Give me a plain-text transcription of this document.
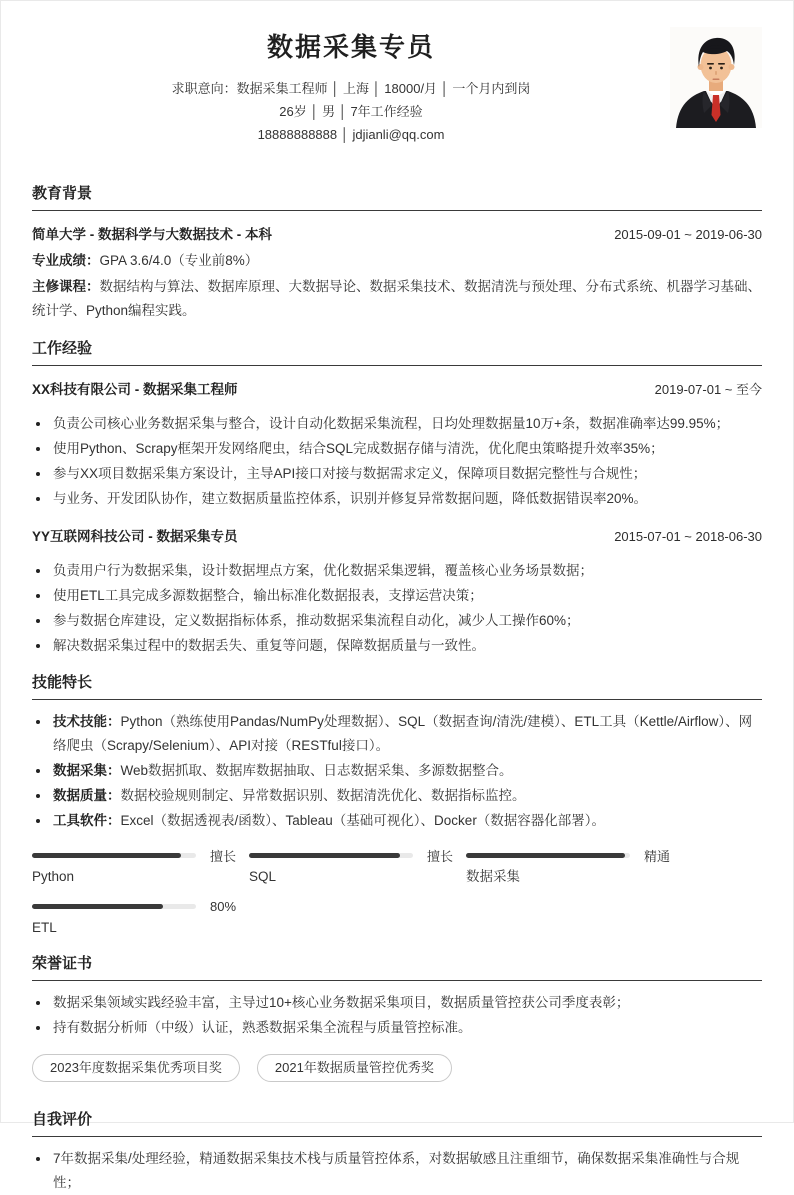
数据采集专员
求职意向：数据采集工程师 │ 上海 │ 18000/月 │ 一个月内到岗
26岁 │ 男 │ 7年工作经验
18888888888 │ jdjianli@qq.com
教育背景
简单大学 - 数据科学与大数据技术 - 本科	2015-09-01 ~ 2019-06-30
专业成绩：GPA 3.6/4.0（专业前8%）
主修课程：数据结构与算法、数据库原理、大数据导论、数据采集技术、数据清洗与预处理、分布式系统、机器学习基础、统计学、Python编程实践。
工作经验
XX科技有限公司 - 数据采集工程师	2019-07-01 ~ 至今
负责公司核心业务数据采集与整合，设计自动化数据采集流程，日均处理数据量10万+条，数据准确率达99.95%；
使用Python、Scrapy框架开发网络爬虫，结合SQL完成数据存储与清洗，优化爬虫策略提升效率35%；
参与XX项目数据采集方案设计，主导API接口对接与数据需求定义，保障项目数据完整性与合规性；
与业务、开发团队协作，建立数据质量监控体系，识别并修复异常数据问题，降低数据错误率20%。
YY互联网科技公司 - 数据采集专员	2015-07-01 ~ 2018-06-30
负责用户行为数据采集，设计数据埋点方案，优化数据采集逻辑，覆盖核心业务场景数据；
使用ETL工具完成多源数据整合，输出标准化数据报表，支撑运营决策；
参与数据仓库建设，定义数据指标体系，推动数据采集流程自动化，减少人工操作60%；
解决数据采集过程中的数据丢失、重复等问题，保障数据质量与一致性。
技能特长
技术技能：Python（熟练使用Pandas/NumPy处理数据）、SQL（数据查询/清洗/建模）、ETL工具（Kettle/Airflow）、网络爬虫（Scrapy/Selenium）、API对接（RESTful接口）。
数据采集：Web数据抓取、数据库数据抽取、日志数据采集、多源数据整合。
数据质量：数据校验规则制定、异常数据识别、数据清洗优化、数据指标监控。
工具软件：Excel（数据透视表/函数）、Tableau（基础可视化）、Docker（数据容器化部署）。
擅长
Python
擅长
SQL
精通
数据采集
80%
ETL
荣誉证书
数据采集领域实践经验丰富，主导过10+核心业务数据采集项目，数据质量管控获公司季度表彰；
持有数据分析师（中级）认证，熟悉数据采集全流程与质量管控标准。
2023年度数据采集优秀项目奖	2021年数据质量管控优秀奖
自我评价
7年数据采集/处理经验，精通数据采集技术栈与质量管控体系，对数据敏感且注重细节，确保数据采集准确性与合规性；
